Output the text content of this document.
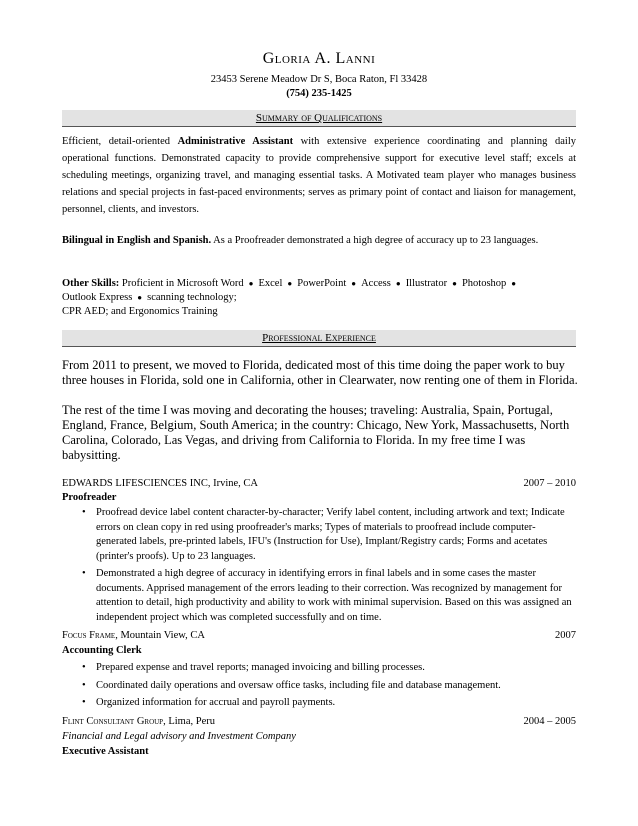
Gloria A. Lanni
23453 Serene Meadow Dr S, Boca Raton, Fl 33428
(754) 235-1425
Summary of Qualifications
Efficient, detail-oriented Administrative Assistant with extensive experience coordinating and planning daily operational functions. Demonstrated capacity to provide comprehensive support for executive level staff; excels at scheduling meetings, organizing travel, and managing essential tasks. A Motivated team player who manages business relations and special projects in fast-paced environments; serves as primary point of contact and liaison for management, personnel, clients, and investors.
Bilingual in English and Spanish. As a Proofreader demonstrated a high degree of accuracy up to 23 languages.
Other Skills: Proficient in Microsoft Word ● Excel ● PowerPoint ● Access ● Illustrator ● Photoshop ●
Outlook Express ● scanning technology;
CPR AED; and Ergonomics Training
Professional Experience
From 2011 to present, we moved to Florida, dedicated most of this time doing the paper work to buy three houses in Florida, sold one in California, other in Clearwater, now renting one of them in Florida.
The rest of the time I was moving and decorating the houses; traveling: Australia, Spain, Portugal, England, France, Belgium, South America; in the country: Chicago, New York, Massachusetts, North Carolina, Colorado, Las Vegas, and driving from California to Florida. In my free time I was babysitting.
EDWARDS LIFESCIENCES INC, Irvine, CA	2007 – 2010
Proofreader
• Proofread device label content character-by-character; Verify label content, including artwork and text; Indicate errors on clean copy in red using proofreader's marks; Types of materials to proofread include computer-generated labels, pre-printed labels, IFU's (Instruction for Use), Implant/Registry cards; Forms and acetates (printer's proofs). Up to 23 languages.
• Demonstrated a high degree of accuracy in identifying errors in final labels and in some cases the master documents. Apprised management of the errors leading to their correction. Was recognized by management for attention to detail, high productivity and ability to work with minimal supervision. Based on this was assigned an independent project which was completed successfully and on time.
Focus Frame, Mountain View, CA	2007
Accounting Clerk
• Prepared expense and travel reports; managed invoicing and billing processes.
• Coordinated daily operations and oversaw office tasks, including file and database management.
• Organized information for accrual and payroll payments.
Flint Consultant Group, Lima, Peru	2004 – 2005
Financial and Legal advisory and Investment Company
Executive Assistant
